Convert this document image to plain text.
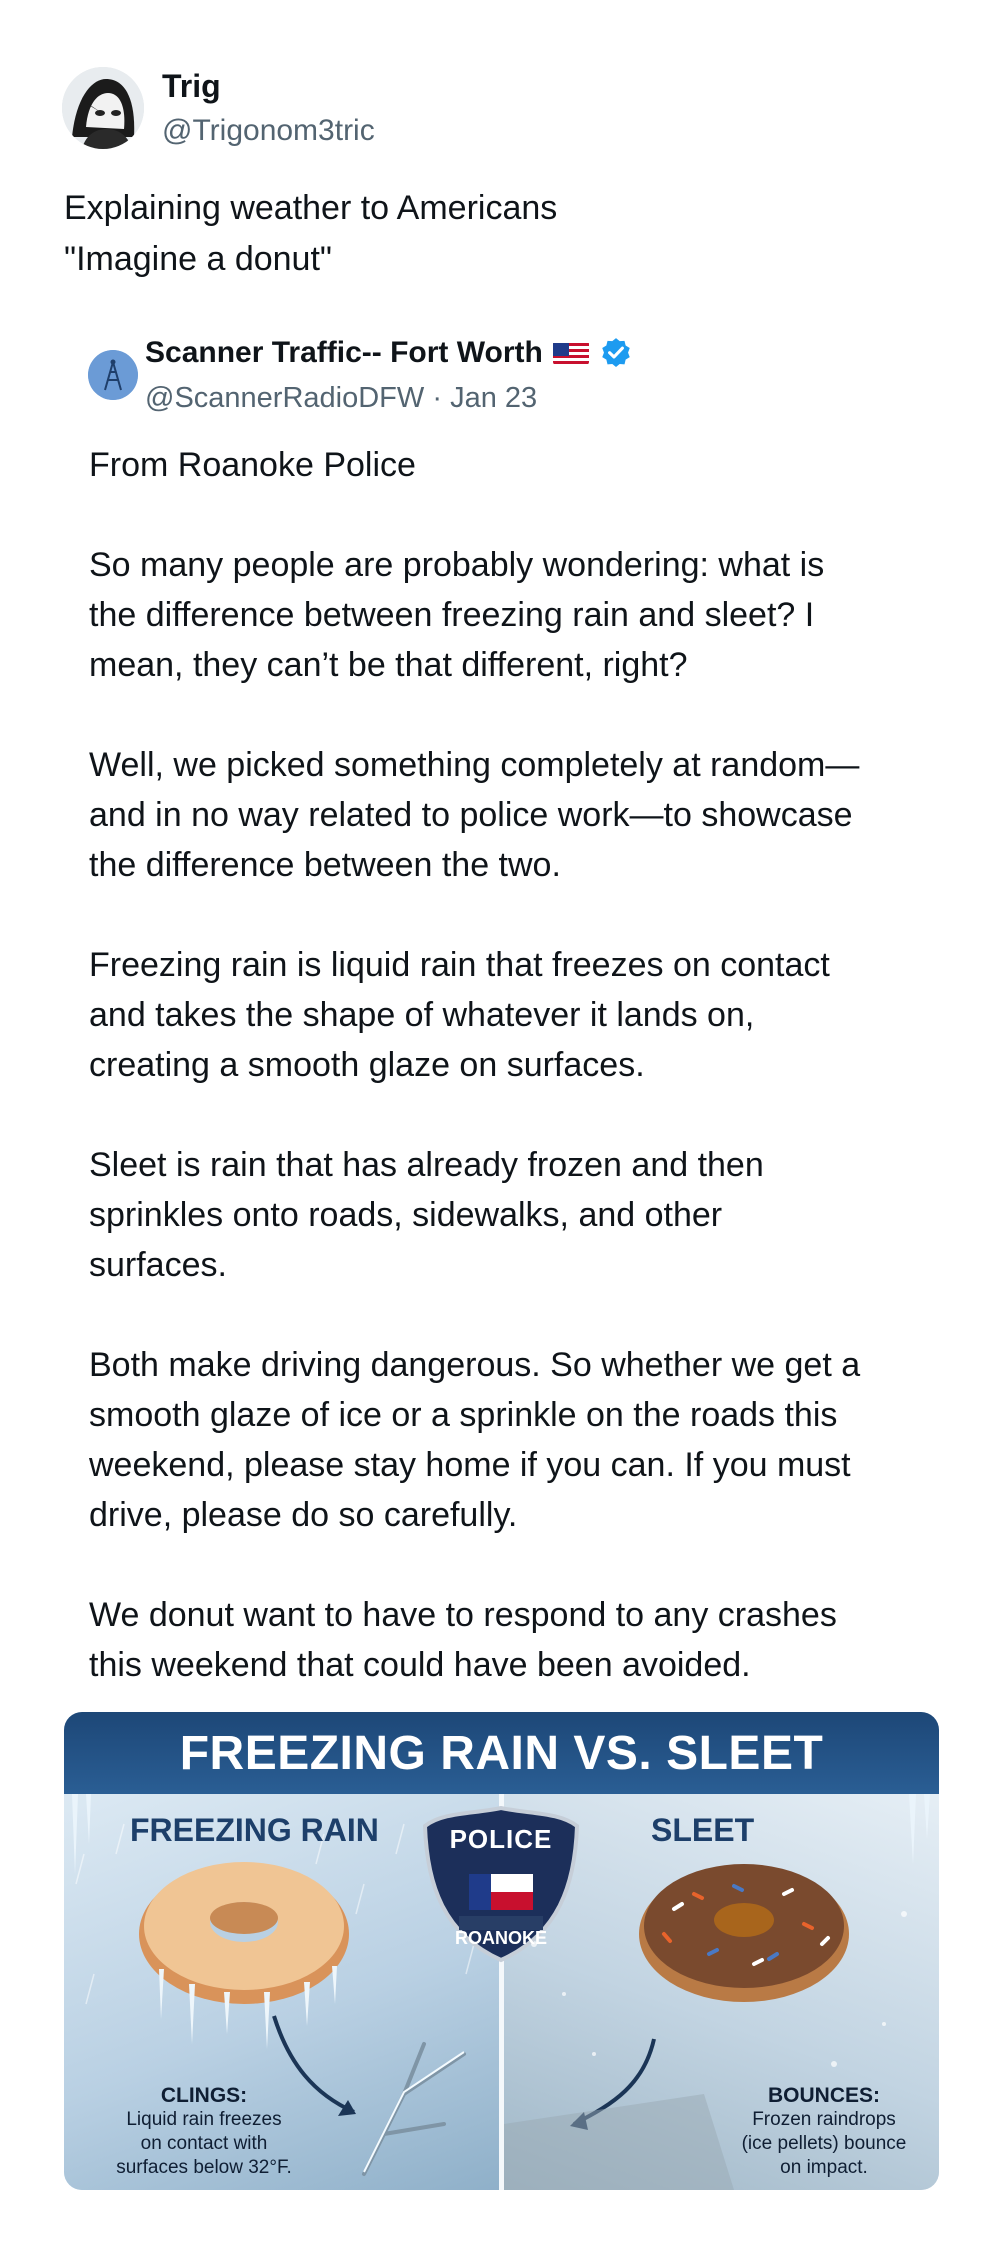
Trig
@Trigonom3tric
Explaining weather to Americans
"Imagine a donut"
Scanner Traffic-- Fort Worth
@ScannerRadioDFW · Jan 23
From Roanoke Police
So many people are probably wondering: what is
the difference between freezing rain and sleet? I
mean, they can’t be that different, right?
Well, we picked something completely at random—
and in no way related to police work—to showcase
the difference between the two.
Freezing rain is liquid rain that freezes on contact
and takes the shape of whatever it lands on,
creating a smooth glaze on surfaces.
Sleet is rain that has already frozen and then
sprinkles onto roads, sidewalks, and other
surfaces.
Both make driving dangerous. So whether we get a
smooth glaze of ice or a sprinkle on the roads this
weekend, please stay home if you can. If you must
drive, please do so carefully.
We donut want to have to respond to any crashes
this weekend that could have been avoided.
FREEZING RAIN VS. SLEET
FREEZING RAIN
CLINGS:
Liquid rain freezes
on contact with
surfaces below 32°F.
SLEET
BOUNCES:
Frozen raindrops
(ice pellets) bounce
on impact.
POLICE
ROANOKE
